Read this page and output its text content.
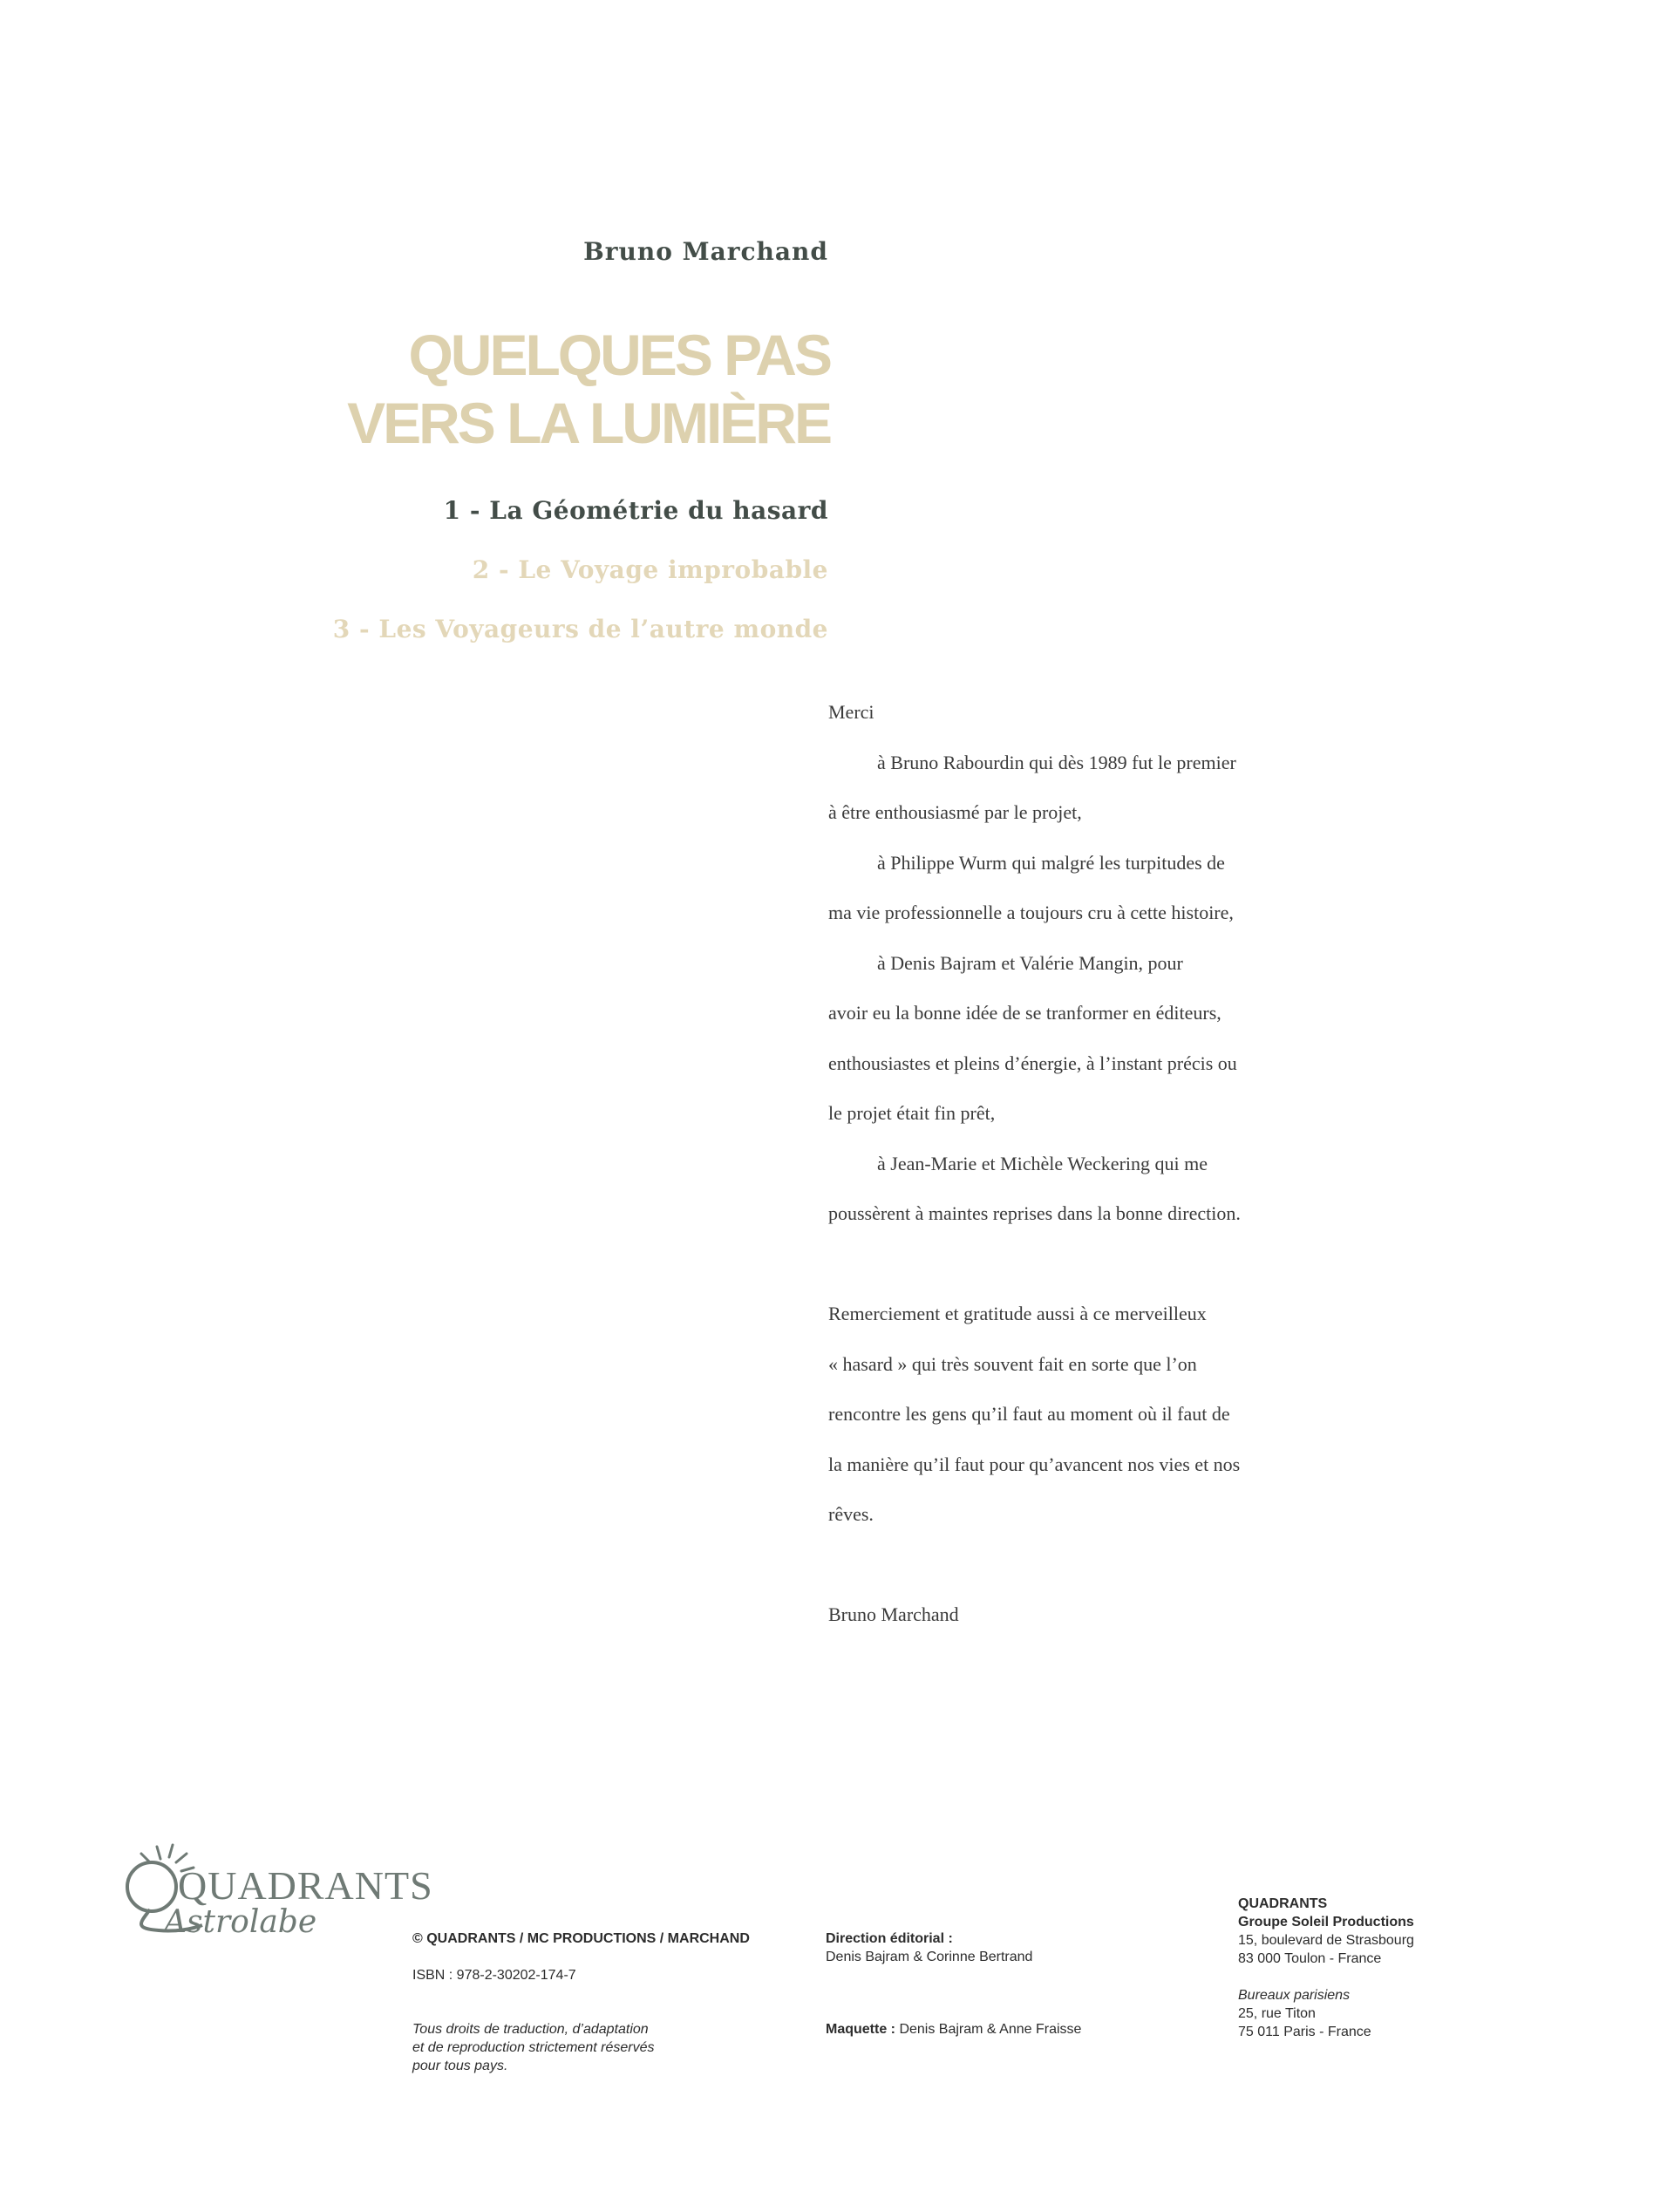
Bruno Marchand
QUELQUES PAS
VERS LA LUMIÈRE
1 - La Géométrie du hasard
2 - Le Voyage improbable
3 - Les Voyageurs de l’autre monde

Merci

à Bruno Rabourdin qui dès 1989 fut le premier

à être enthousiasmé par le projet,

à Philippe Wurm qui malgré les turpitudes de

ma vie professionnelle a toujours cru à cette histoire,

à Denis Bajram et Valérie Mangin, pour

avoir eu la bonne idée de se tranformer en éditeurs,

enthousiastes et pleins d’énergie, à l’instant précis ou

le projet était fin prêt,

à Jean-Marie et Michèle Weckering qui me

poussèrent à maintes reprises dans la bonne direction.

Remerciement et gratitude aussi à ce merveilleux

« hasard » qui très souvent fait en sorte que l’on

rencontre les gens qu’il faut au moment où il faut de

la manière qu’il faut pour qu’avancent nos vies et nos

rêves.

Bruno Marchand

QUADRANTS
Astrolabe	© QUADRANTS / MC PRODUCTIONS / MARCHAND
ISBN : 978-2-30202-174-7
Tous droits de traduction, d’adaptation
et de reproduction strictement réservés
pour tous pays.
Direction éditorial :
Denis Bajram & Corinne Bertrand
Maquette : Denis Bajram & Anne Fraisse
QUADRANTS
Groupe Soleil Productions
15, boulevard de Strasbourg
83 000 Toulon - France
Bureaux parisiens
25, rue Titon
75 011 Paris - France
